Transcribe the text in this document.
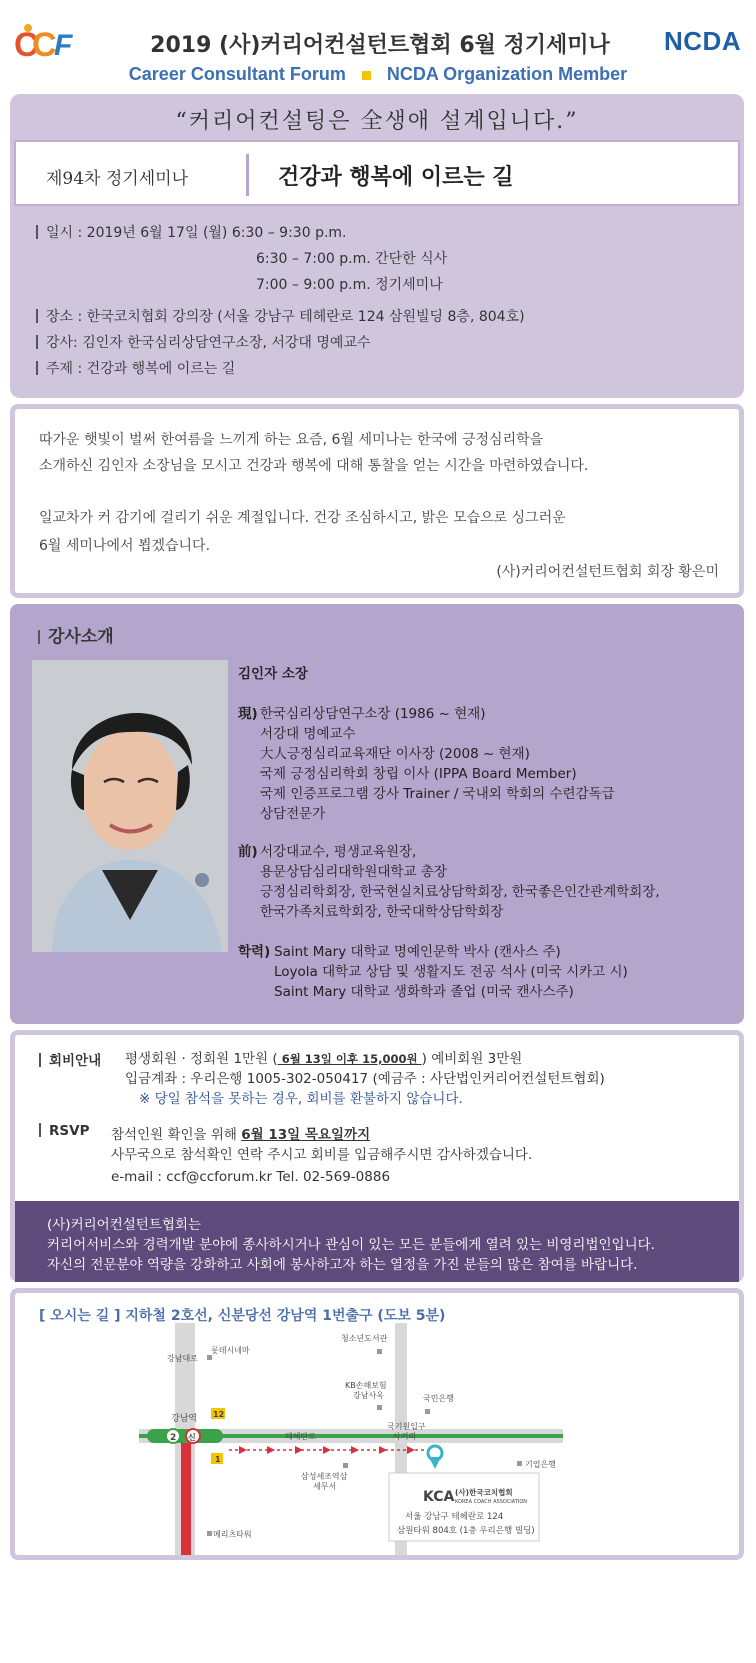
C
C
F	2019 (사)커리어컨설턴트협회 6월 정기세미나	NCDA
Career Consultant Forum NCDA Organization Member
“커리어컨설팅은 全생애 설계입니다.”
제94차 정기세미나	건강과 행복에 이르는 길
일시 : 2019년 6월 17일 (월) 6:30 – 9:30 p.m.
6:30 – 7:00 p.m. 간단한 식사
7:00 – 9:00 p.m. 정기세미나
장소 : 한국코치협회 강의장 (서울 강남구 테헤란로 124 삼원빌딩 8층, 804호)
강사: 김인자 한국심리상담연구소장, 서강대 명예교수
주제 : 건강과 행복에 이르는 길
따가운 햇빛이 벌써 한여름을 느끼게 하는 요즘, 6월 세미나는 한국에 긍정심리학을
소개하신 김인자 소장님을 모시고 건강과 행복에 대해 통찰을 얻는 시간을 마련하였습니다.
일교차가 커 감기에 걸리기 쉬운 계절입니다. 건강 조심하시고, 밝은 모습으로 싱그러운
6월 세미나에서 뵙겠습니다.
(사)커리어컨설턴트협회 회장 황은미
강사소개
김인자 소장
現) 한국심리상담연구소장 (1986 ~ 현재)
서강대 명예교수
大人긍정심리교육재단 이사장 (2008 ~ 현재)
국제 긍정심리학회 창립 이사 (IPPA Board Member)
국제 인증프로그램 강사 Trainer / 국내외 학회의 수련감독급
상담전문가
前) 서강대교수, 평생교육원장,
용문상담심리대학원대학교 총장
긍정심리학회장, 한국현실치료상담학회장, 한국좋은인간관계학회장,
한국가족치료학회장, 한국대학상담학회장
학력) Saint Mary 대학교 명예인문학 박사 (캔사스 주)
Loyola 대학교 상담 및 생활지도 전공 석사 (미국 시카고 시)
Saint Mary 대학교 생화학과 졸업 (미국 캔사스주)
회비안내 평생회원 · 정회원 1만원 ( 6월 13일 이후 15,000원 ) 예비회원 3만원
입금계좌 : 우리은행 1005-302-050417 (예금주 : 사단법인커리어컨설턴트협회)
※ 당일 참석을 못하는 경우, 회비를 환불하지 않습니다.
RSVP 참석인원 확인을 위해 6월 13일 목요일까지
사무국으로 참석확인 연락 주시고 회비를 입금해주시면 감사하겠습니다.
e-mail : ccf@ccforum.kr Tel. 02-569-0886
(사)커리어컨설턴트협회는
커리어서비스와 경력개발 분야에 종사하시거나 관심이 있는 모든 분들에게 열려 있는 비영리법인입니다.
자신의 전문분야 역량을 강화하고 사회에 봉사하고자 하는 열정을 가진 분들의 많은 참여를 바랍니다.
2 신
12
1
강남대로
롯데시네마
청소년도서관
KB손해보험
강남사옥	국민은행
강남역
테헤란로
국기원입구
사거리
삼성세조역삼
세무서
기업은행
메리츠타워
KCA (사)한국코치협회
KOREA COACH ASSOCIATION
서울 강남구 테헤란로 124
삼원타워 804호 (1층 우리은행 빌딩)
[ 오시는 길 ] 지하철 2호선, 신분당선 강남역 1번출구 (도보 5분)
